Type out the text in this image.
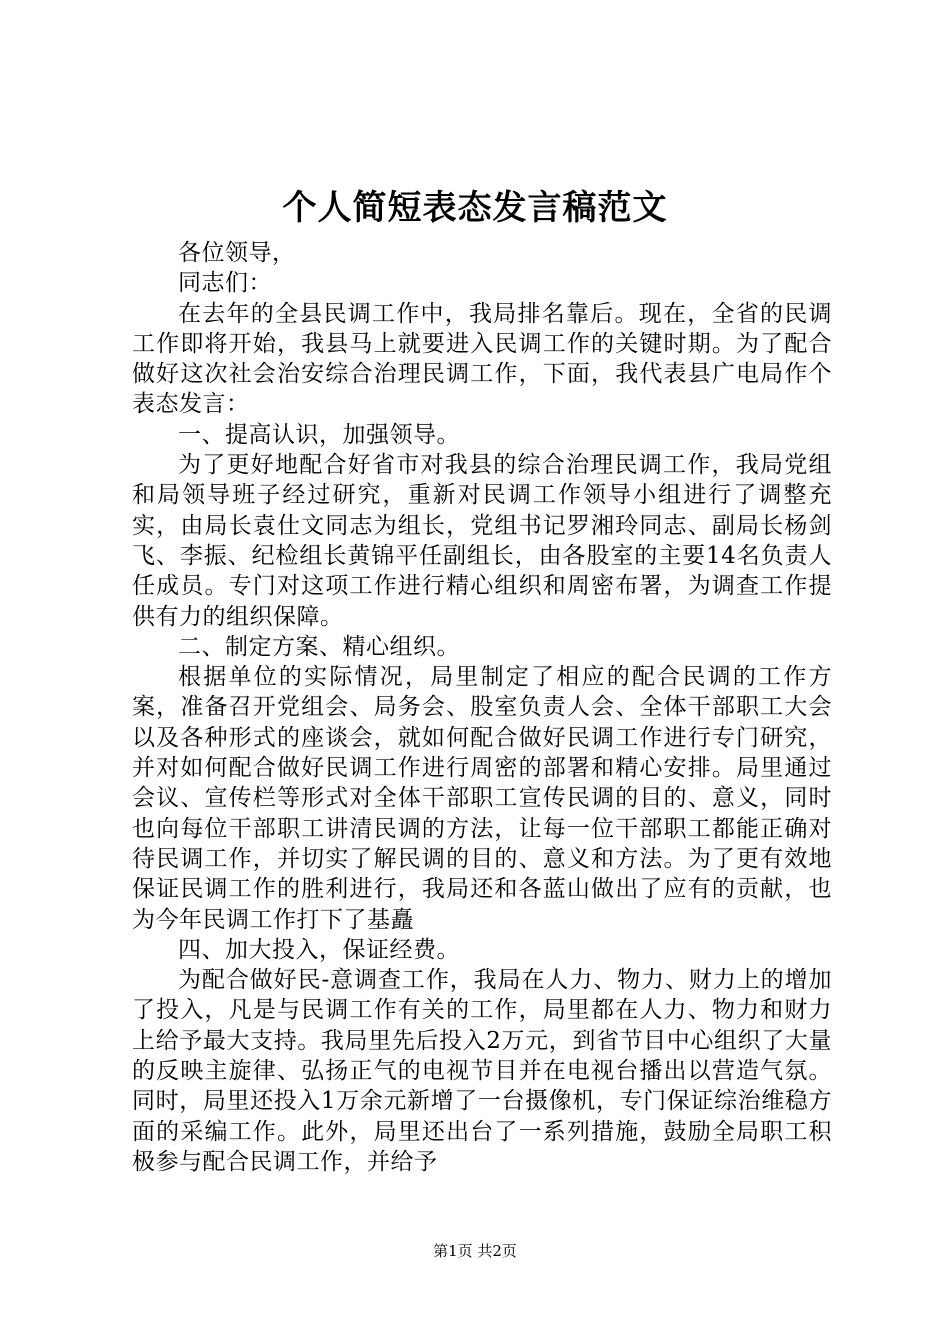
个人简短表态发言稿范文

各位领导，

同志们：

在去年的全县民调工作中，我局排名靠后。现在，全省的民调工作即将开始，我县马上就要进入民调工作的关键时期。为了配合做好这次社会治安综合治理民调工作，下面，我代表县广电局作个表态发言：

一、提高认识，加强领导。

为了更好地配合好省市对我县的综合治理民调工作，我局党组和局领导班子经过研究，重新对民调工作领导小组进行了调整充实，由局长袁仕文同志为组长，党组书记罗湘玲同志、副局长杨剑飞、李振、纪检组长黄锦平任副组长，由各股室的主要14名负责人任成员。专门对这项工作进行精心组织和周密布署，为调查工作提供有力的组织保障。

二、制定方案、精心组织。

根据单位的实际情况，局里制定了相应的配合民调的工作方案，准备召开党组会、局务会、股室负责人会、全体干部职工大会以及各种形式的座谈会，就如何配合做好民调工作进行专门研究，并对如何配合做好民调工作进行周密的部署和精心安排。局里通过会议、宣传栏等形式对全体干部职工宣传民调的目的、意义，同时也向每位干部职工讲清民调的方法，让每一位干部职工都能正确对待民调工作，并切实了解民调的目的、意义和方法。为了更有效地保证民调工作的胜利进行，我局还和各蓝山做出了应有的贡献，也为今年民调工作打下了基矗

四、加大投入，保证经费。

为配合做好民-意调查工作，我局在人力、物力、财力上的增加了投入，凡是与民调工作有关的工作，局里都在人力、物力和财力上给予最大支持。我局里先后投入2万元，到省节目中心组织了大量的反映主旋律、弘扬正气的电视节目并在电视台播出以营造气氛。同时，局里还投入1万余元新增了一台摄像机，专门保证综治维稳方面的采编工作。此外，局里还出台了一系列措施，鼓励全局职工积极参与配合民调工作，并给予

第1页 共2页
